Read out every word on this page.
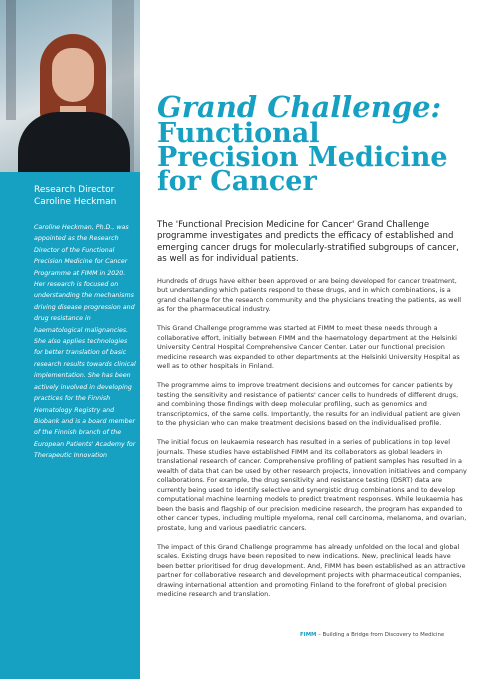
Research Director
Caroline Heckman

Caroline Heckman, Ph.D., was appointed as the Research Director of the Functional Precision Medicine for Cancer Programme at FIMM in 2020. Her research is focused on understanding the mechanisms driving disease progression and drug resistance in haematological malignancies. She also applies technologies for better translation of basic research results towards clinical implementation. She has been actively involved in developing practices for the Finnish Hematology Registry and Biobank and is a board member of the Finnish branch of the European Patients' Academy for Therapeutic Innovation

Grand Challenge:
Functional
Precision Medicine
for Cancer

The 'Functional Precision Medicine for Cancer' Grand Challenge programme investigates and predicts the efficacy of established and emerging cancer drugs for molecularly-stratified subgroups of cancer, as well as for individual patients.

Hundreds of drugs have either been approved or are being developed for cancer treatment, but understanding which patients respond to these drugs, and in which combinations, is a grand challenge for the research community and the physicians treating the patients, as well as for the pharmaceutical industry.

This Grand Challenge programme was started at FIMM to meet these needs through a collaborative effort, initially between FIMM and the haematology department at the Helsinki University Central Hospital Comprehensive Cancer Center. Later our functional precision medicine research was expanded to other departments at the Helsinki University Hospital as well as to other hospitals in Finland.

The programme aims to improve treatment decisions and outcomes for cancer patients by testing the sensitivity and resistance of patients' cancer cells to hundreds of different drugs, and combining those findings with deep molecular profiling, such as genomics and transcriptomics, of the same cells. Importantly, the results for an individual patient are given to the physician who can make treatment decisions based on the individualised profile.

The initial focus on leukaemia research has resulted in a series of publications in top level journals. These studies have established FIMM and its collaborators as global leaders in translational research of cancer. Comprehensive profiling of patient samples has resulted in a wealth of data that can be used by other research projects, innovation initiatives and company collaborations. For example, the drug sensitivity and resistance testing (DSRT) data are currently being used to identify selective and synergistic drug combinations and to develop computational machine learning models to predict treatment responses. While leukaemia has been the basis and flagship of our precision medicine research, the program has expanded to other cancer types, including multiple myeloma, renal cell carcinoma, melanoma, and ovarian, prostate, lung and various paediatric cancers.

The impact of this Grand Challenge programme has already unfolded on the local and global scales. Existing drugs have been reposited to new indications. New, preclinical leads have been better prioritised for drug development. And, FIMM has been established as an attractive partner for collaborative research and development projects with pharmaceutical companies, drawing international attention and promoting Finland to the forefront of global precision medicine research and translation.

8	FIMM – Building a Bridge from Discovery to Medicine
